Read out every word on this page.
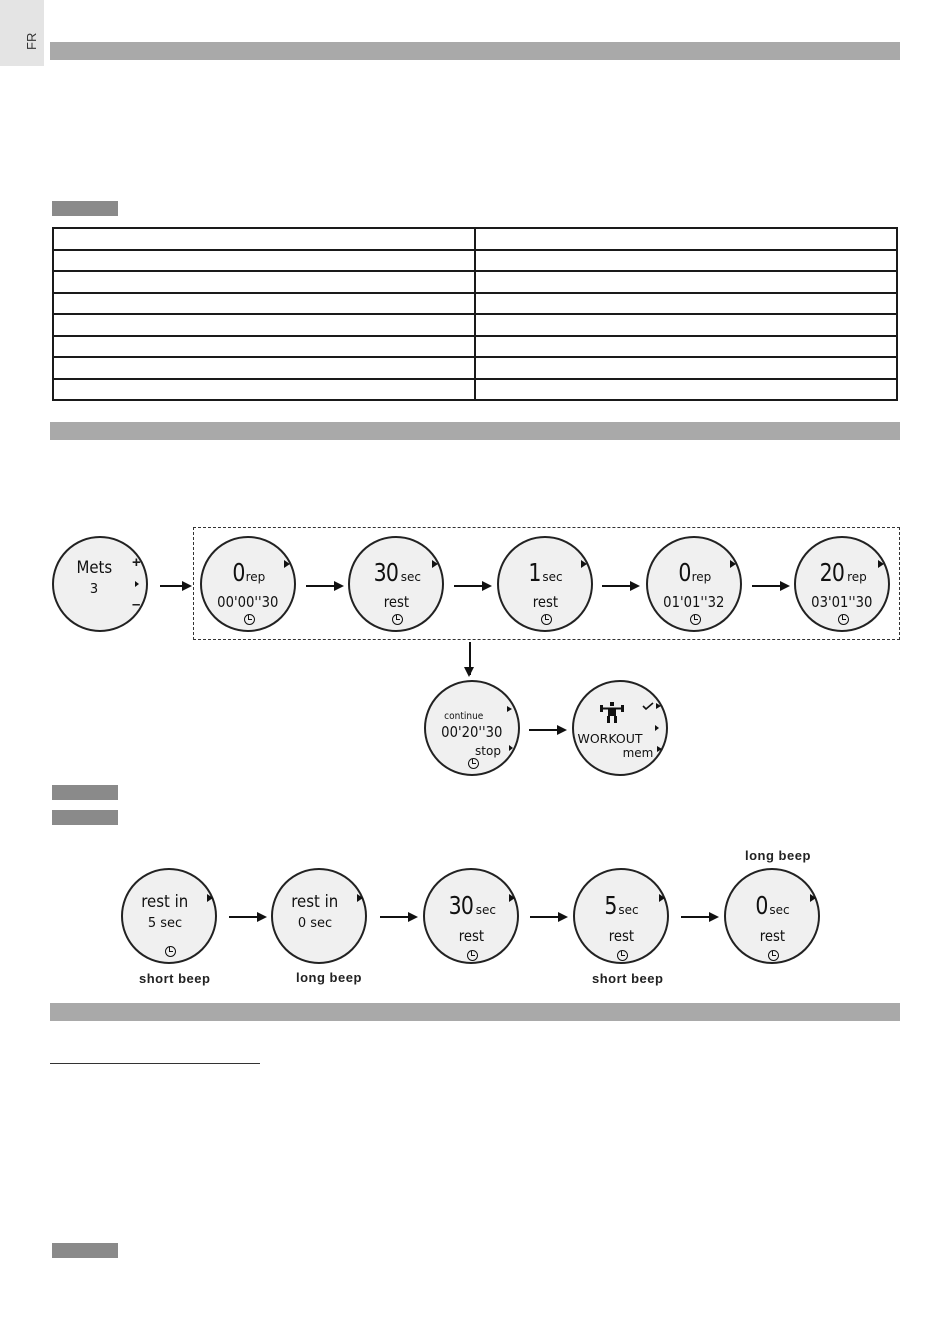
FR

Mets
3
+
–
0rep
00'00''30
30 sec
rest
1sec
rest
0rep
01'01''32
20 rep
03'01''30
continue
00'20''30
stop
WORKOUT
mem
long beep
rest in
5 sec
short beep
rest in
0 sec
long beep
30 sec
rest
5sec
rest
short beep
0sec
rest
